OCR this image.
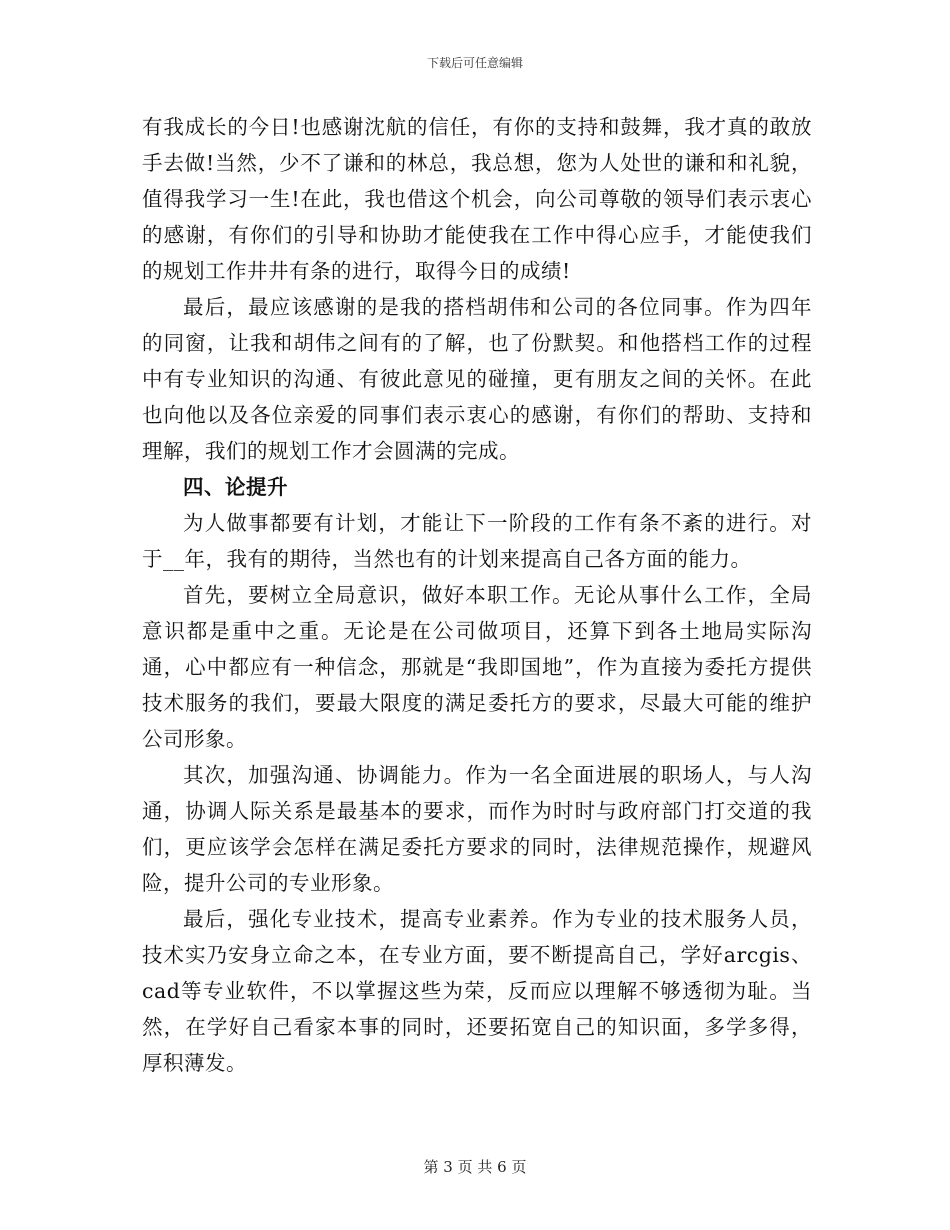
下载后可任意编辑

有我成长的今日!也感谢沈航的信任，有你的支持和鼓舞，我才真的敢放手去做!当然，少不了谦和的林总，我总想，您为人处世的谦和和礼貌，值得我学习一生!在此，我也借这个机会，向公司尊敬的领导们表示衷心的感谢，有你们的引导和协助才能使我在工作中得心应手，才能使我们的规划工作井井有条的进行，取得今日的成绩!

最后，最应该感谢的是我的搭档胡伟和公司的各位同事。作为四年的同窗，让我和胡伟之间有的了解，也了份默契。和他搭档工作的过程中有专业知识的沟通、有彼此意见的碰撞，更有朋友之间的关怀。在此也向他以及各位亲爱的同事们表示衷心的感谢，有你们的帮助、支持和理解，我们的规划工作才会圆满的完成。

四、论提升

为人做事都要有计划，才能让下一阶段的工作有条不紊的进行。对于__年，我有的期待，当然也有的计划来提高自己各方面的能力。

首先，要树立全局意识，做好本职工作。无论从事什么工作，全局意识都是重中之重。无论是在公司做项目，还算下到各土地局实际沟通，心中都应有一种信念，那就是“我即国地”，作为直接为委托方提供技术服务的我们，要最大限度的满足委托方的要求，尽最大可能的维护公司形象。

其次，加强沟通、协调能力。作为一名全面进展的职场人，与人沟通，协调人际关系是最基本的要求，而作为时时与政府部门打交道的我们，更应该学会怎样在满足委托方要求的同时，法律规范操作，规避风险，提升公司的专业形象。

最后，强化专业技术，提高专业素养。作为专业的技术服务人员，技术实乃安身立命之本，在专业方面，要不断提高自己，学好arcgis、cad等专业软件，不以掌握这些为荣，反而应以理解不够透彻为耻。当然，在学好自己看家本事的同时，还要拓宽自己的知识面，多学多得，厚积薄发。

第 3 页 共 6 页
